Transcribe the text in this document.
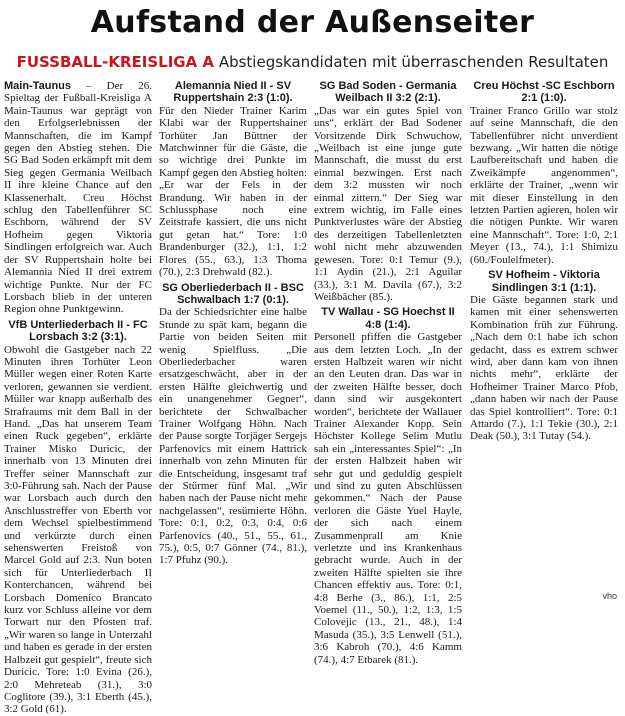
Aufstand der Außenseiter
FUSSBALL-KREISLIGA A Abstiegskandidaten mit überraschenden Resultaten

Main-Taunus – Der 26. Spieltag der Fußball-Kreisliga A Main-Taunus war geprägt von den Erfolgserlebnissen der Mannschaften, die im Kampf gegen den Abstieg stehen. Die SG Bad Soden erkämpft mit dem Sieg gegen Germania Weilbach II ihre kleine Chance auf den Klassenerhalt. Creu Höchst schlug den Tabellenführer SC Eschborn, während der SV Hofheim gegen Viktoria Sindlingen erfolgreich war. Auch der SV Ruppertshain holte bei Alemannia Nied II drei extrem wichtige Punkte. Nur der FC Lorsbach blieb in der unteren Region ohne Punktgewinn.

VfB Unterliederbach II - FC Lorsbach 3:2 (3:1).

Obwohl die Gastgeber nach 22 Minuten ihren Torhüter Leon Müller wegen einer Roten Karte verloren, gewannen sie verdient. Müller war knapp außerhalb des Strafraums mit dem Ball in der Hand. „Das hat unserem Team einen Ruck gegeben“, erklärte Trainer Misko Duricic, der innerhalb von 13 Minuten drei Treffer seiner Mannschaft zur 3:0-Führung sah. Nach der Pause war Lorsbach auch durch den Anschlusstreffer von Eberth vor dem Wechsel spielbestimmend und verkürzte durch einen sehenswerten Freistoß von Marcel Gold auf 2:3. Nun boten sich für Unterliederbach II Konterchancen, während bei Lorsbach Domenico Brancato kurz vor Schluss alleine vor dem Torwart nur den Pfosten traf. „Wir waren so lange in Unterzahl und haben es gerade in der ersten Halbzeit gut gespielt“, freute sich Duricic. Tore: 1:0 Evina (26.), 2:0 Mehreteab (31.), 3:0 Coglitore (39.), 3:1 Eberth (45.), 3:2 Gold (61).

Alemannia Nied II - SV Ruppertshain 2:3 (1:0).

Für den Nieder Trainer Karim Klabi war der Ruppertshainer Torhüter Jan Büttner der Matchwinner für die Gäste, die so wichtige drei Punkte im Kampf gegen den Abstieg holten: „Er war der Fels in der Brandung. Wir haben in der Schlussphase noch eine Zeitstrafe kassiert, die uns nicht gut getan hat.“ Tore: 1:0 Brandenburger (32.), 1:1, 1:2 Flores (55., 63.), 1:3 Thoma (70.), 2:3 Drehwald (82.).

SG Oberliederbach II - BSC Schwalbach 1:7 (0:1).

Da der Schiedsrichter eine halbe Stunde zu spät kam, begann die Partie von beiden Seiten mit wenig Spielfluss. „Die Oberliederbacher waren ersatzgeschwächt, aber in der ersten Hälfte gleichwertig und ein unangenehmer Gegner“, berichtete der Schwalbacher Trainer Wolfgang Höhn. Nach der Pause sorgte Torjäger Sergejs Parfenovics mit einem Hattrick innerhalb von zehn Minuten für die Entscheidung, insgesamt traf der Stürmer fünf Mal. „Wir haben nach der Pause nicht mehr nachgelassen“, resümierte Höhn. Tore: 0:1, 0:2, 0:3, 0:4, 0:6 Parfenovics (40., 51., 55., 61., 75.), 0:5, 0:7 Gönner (74., 81.), 1:7 Pfuhz (90.).

SG Bad Soden - Germania Weilbach II 3:2 (2:1).

„Das war ein gutes Spiel von uns“, erklärt der Bad Sodener Vorsitzende Dirk Schwuchow, „Weilbach ist eine junge gute Mannschaft, die musst du erst einmal bezwingen. Erst nach dem 3:2 mussten wir noch einmal zittern.“ Der Sieg war extrem wichtig, im Falle eines Punktverlustes wäre der Abstieg des derzeitigen Tabellenletzten wohl nicht mehr abzuwenden gewesen. Tore: 0:1 Temur (9.), 1:1 Aydin (21.), 2:1 Aguilar (33.), 3:1 M. Davila (67.), 3:2 Weißbächer (85.).

TV Wallau - SG Hoechst II 4:8 (1:4).

Personell pfiffen die Gastgeber aus dem letzten Loch. „In der ersten Halbzeit waren wir nicht an den Leuten dran. Das war in der zweiten Hälfte besser, doch dann sind wir ausgekontert worden“, berichtete der Wallauer Trainer Alexander Kopp. Sein Höchster Kollege Selim Mutlu sah ein „interessantes Spiel“: „In der ersten Halbzeit haben wir sehr gut und geduldig gespielt und sind zu guten Abschlüssen gekommen.“ Nach der Pause verloren die Gäste Yuel Hayle, der sich nach einem Zusammenprall am Knie verletzte und ins Krankenhaus gebracht wurde. Auch in der zweiten Hälfte spielten sie ihre Chancen effektiv aus. Tore: 0:1, 4:8 Berhe (3., 86.), 1:1, 2:5 Voemel (11., 50.), 1:2, 1:3, 1:5 Colovejic (13., 21., 48.), 1:4 Masuda (35.), 3:5 Lenwell (51.), 3:6 Kabroh (70.), 4:6 Kamm (74.), 4:7 Etbarek (81.).

Creu Höchst -SC Eschborn 2:1 (1:0).

Trainer Franco Grillo war stolz auf seine Mannschaft, die den Tabellenführer nicht unverdient bezwang. „Wir hatten die nötige Laufbereitschaft und haben die Zweikämpfe angenommen“, erklärte der Trainer, „wenn wir mit dieser Einstellung in den letzten Partien agieren, holen wir die nötigen Punkte. Wir waren eine Mannschaft“. Tore: 1:0, 2:1 Meyer (13., 74.), 1:1 Shimizu (60./Foulelfmeter).

SV Hofheim - Viktoria Sindlingen 3:1 (1:1).

Die Gäste begannen stark und kamen mit einer sehenswerten Kombination früh zur Führung. „Nach dem 0:1 habe ich schon gedacht, dass es extrem schwer wird, aber dann kam von ihnen nichts mehr“, erklärte der Hofheimer Trainer Marco Pfob, „dann haben wir nach der Pause das Spiel kontrolliert“. Tore: 0:1 Attardo (7.), 1:1 Tekie (30.), 2:1 Deak (50.), 3:1 Tutay (54.).

vho
